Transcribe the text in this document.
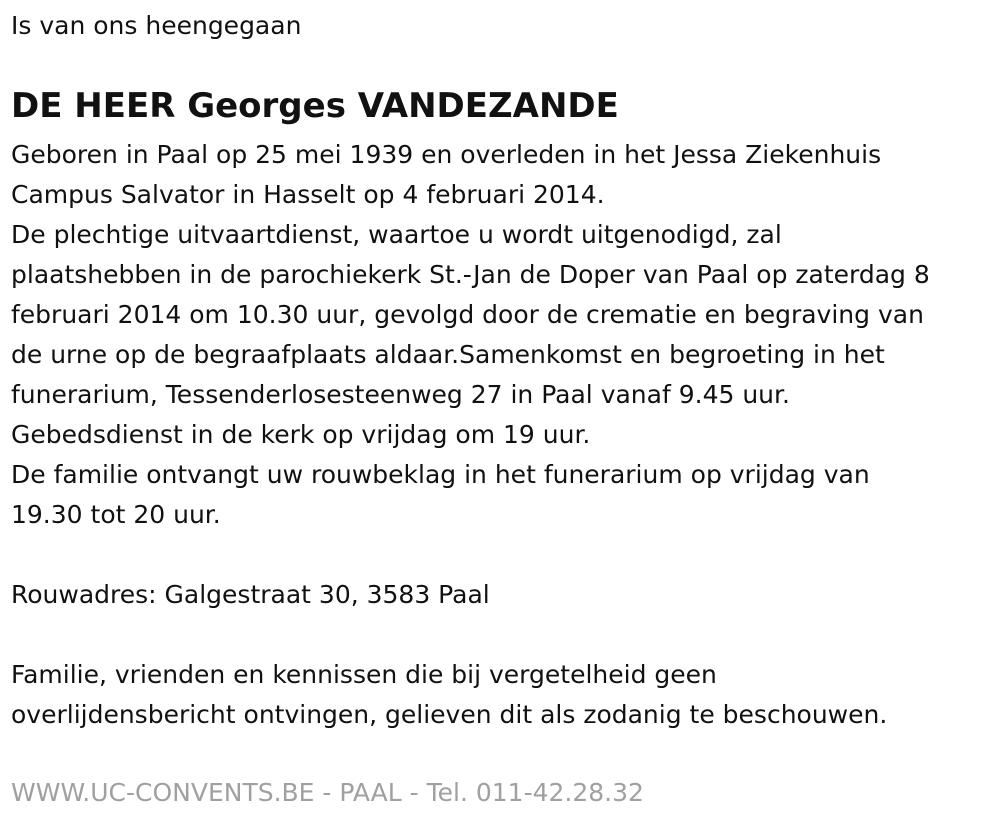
Is van ons heengegaan

DE HEER Georges VANDEZANDE
Geboren in Paal op 25 mei 1939 en overleden in het Jessa Ziekenhuis
Campus Salvator in Hasselt op 4 februari 2014.
De plechtige uitvaartdienst, waartoe u wordt uitgenodigd, zal
plaatshebben in de parochiekerk St.-Jan de Doper van Paal op zaterdag 8
februari 2014 om 10.30 uur, gevolgd door de crematie en begraving van
de urne op de begraafplaats aldaar.Samenkomst en begroeting in het
funerarium, Tessenderlosesteenweg 27 in Paal vanaf 9.45 uur.
Gebedsdienst in de kerk op vrijdag om 19 uur.
De familie ontvangt uw rouwbeklag in het funerarium op vrijdag van
19.30 tot 20 uur.
Rouwadres: Galgestraat 30, 3583 Paal
Familie, vrienden en kennissen die bij vergetelheid geen
overlijdensbericht ontvingen, gelieven dit als zodanig te beschouwen.

WWW.UC-CONVENTS.BE - PAAL - Tel. 011-42.28.32
